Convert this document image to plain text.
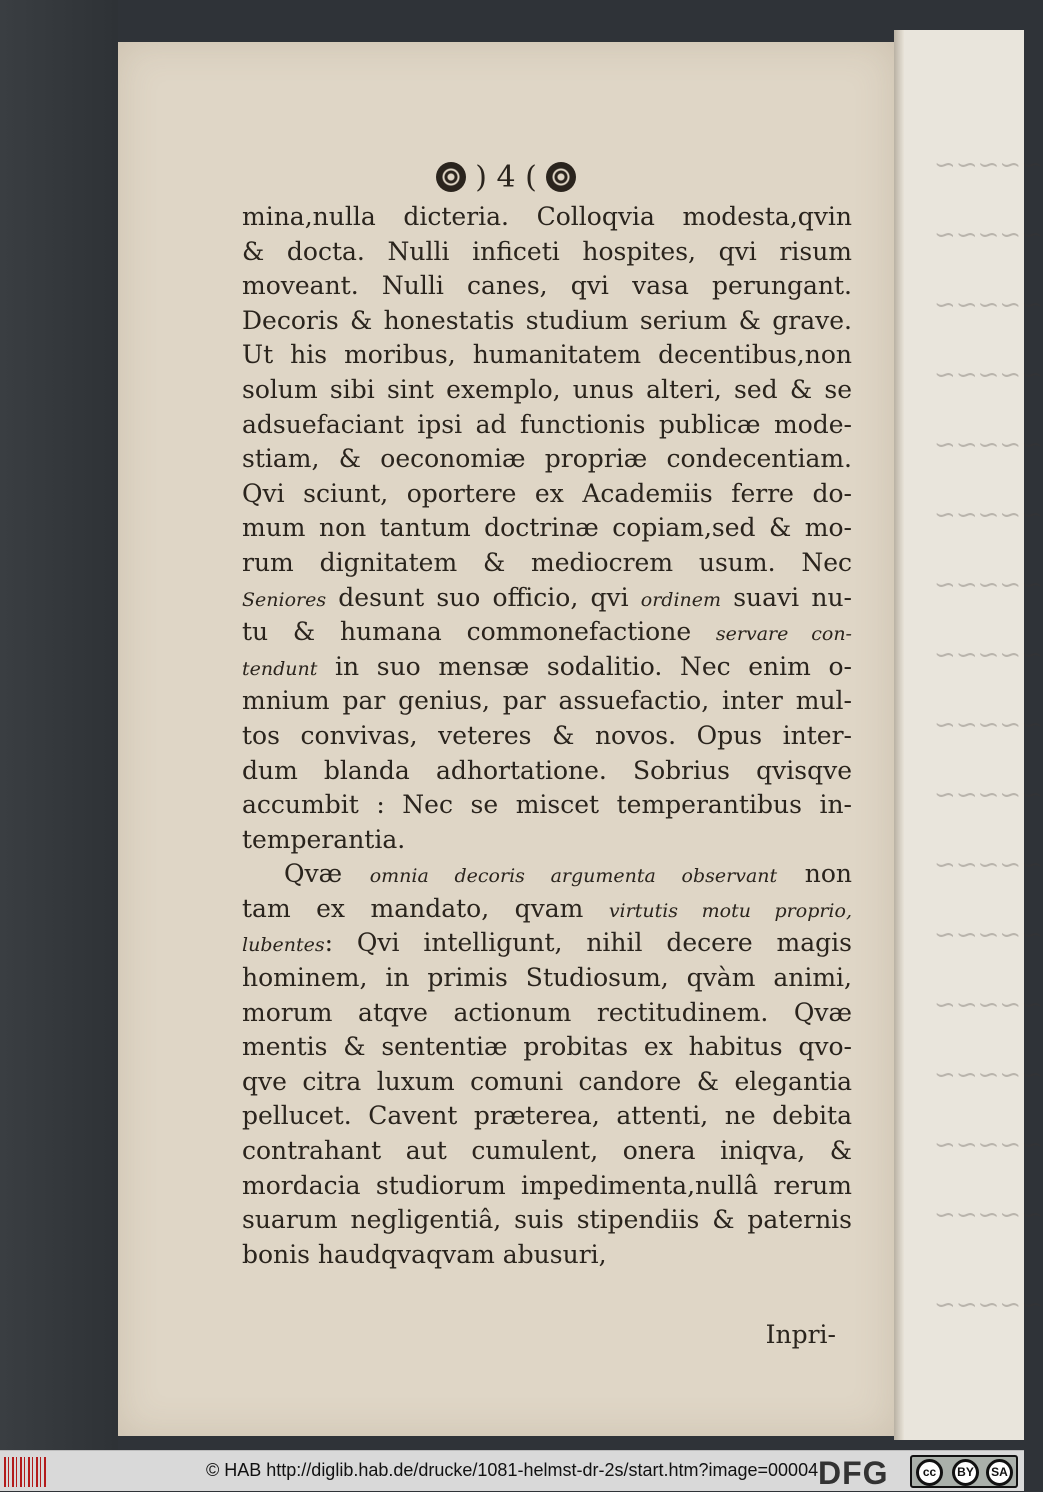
) 4 (
mina,nulla dicteria. Colloqvia modesta,qvin
& docta. Nulli inficeti hospites, qvi risum
moveant. Nulli canes, qvi vasa perungant.
Decoris & honestatis studium serium & grave.
Ut his moribus, humanitatem decentibus,non
solum sibi sint exemplo, unus alteri, sed & se
adsuefaciant ipsi ad functionis publicæ mode-
stiam, & oeconomiæ propriæ condecentiam.
Qvi sciunt, oportere ex Academiis ferre do-
mum non tantum doctrinæ copiam,sed & mo-
rum dignitatem & mediocrem usum. Nec
Seniores desunt suo officio, qvi ordinem suavi nu-
tu & humana commonefactione servare con-
tendunt in suo mensæ sodalitio. Nec enim o-
mnium par genius, par assuefactio, inter mul-
tos convivas, veteres & novos. Opus inter-
dum blanda adhortatione. Sobrius qvisqve
accumbit : Nec se miscet temperantibus in-
temperantia.
Qvæ omnia decoris argumenta observant non
tam ex mandato, qvam virtutis motu proprio,
lubentes: Qvi intelligunt, nihil decere magis
hominem, in primis Studiosum, qvàm animi,
morum atqve actionum rectitudinem. Qvæ
mentis & sententiæ probitas ex habitus qvo-
qve citra luxum comuni candore & elegantia
pellucet. Cavent præterea, attenti, ne debita
contrahant aut cumulent, onera iniqva, &
mordacia studiorum impedimenta,nullâ rerum
suarum negligentiâ, suis stipendiis & paternis
bonis haudqvaqvam abusuri,
Inpri-
~~~~~
~~~~~
~~~~~
~~~~~
~~~~~
~~~~~
~~~~~
~~~~~
~~~~~
~~~~~
~~~~~
~~~~~
~~~~~
~~~~~
~~~~~
~~~~~
~~~~~
© HAB http://diglib.hab.de/drucke/1081-helmst-dr-2s/start.htm?image=00004 DFG	cc	BY	SA
